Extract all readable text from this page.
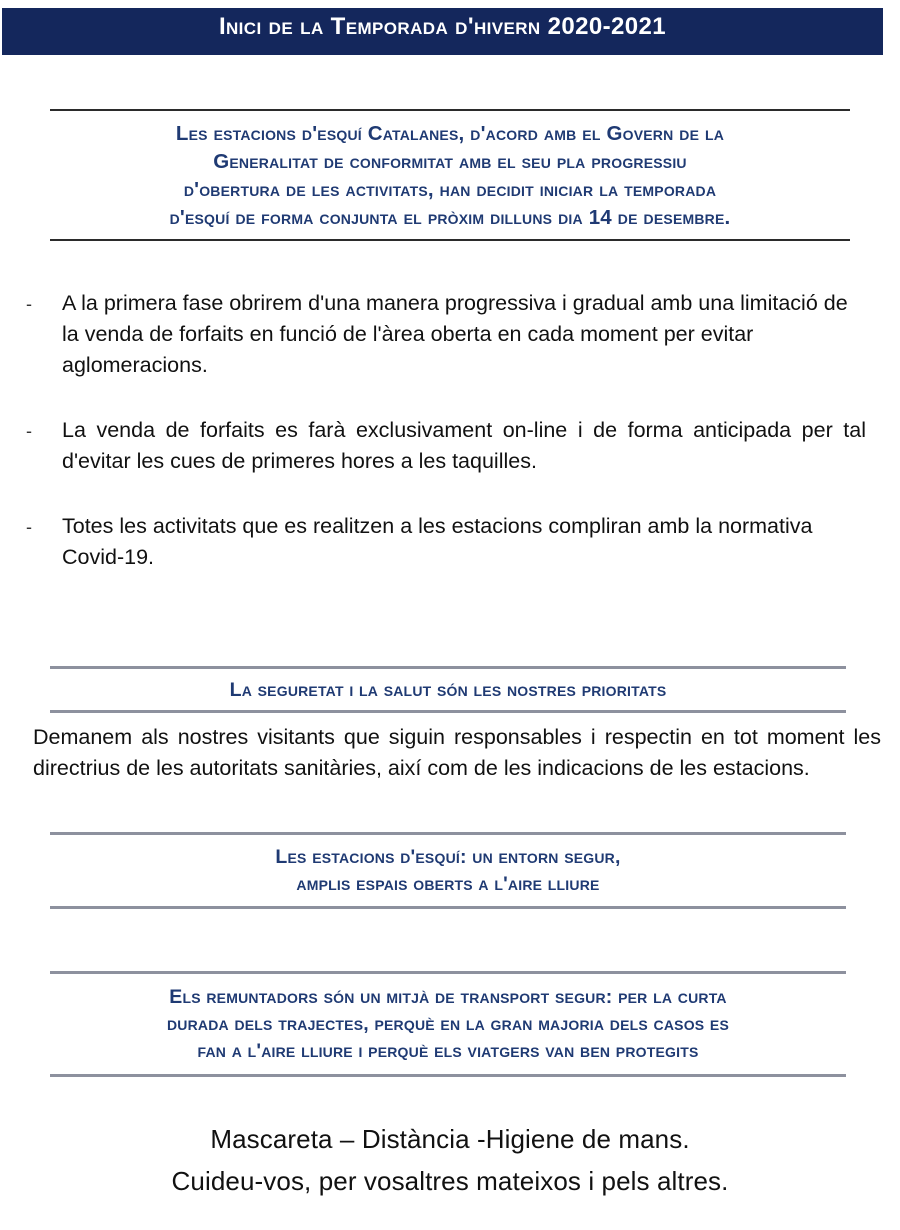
Inici de la Temporada d'hivern 2020-2021
Les estacions d'esquí Catalanes, d'acord amb el Govern de la
Generalitat de conformitat amb el seu pla progressiu
d'obertura de les activitats, han decidit iniciar la temporada
d'esquí de forma conjunta el pròxim dilluns dia 14 de desembre.
-	A la primera fase obrirem d'una manera progressiva i gradual amb una limitació de la venda de forfaits en funció de l'àrea oberta en cada moment per evitar aglomeracions.
-	La venda de forfaits es farà exclusivament on-line i de forma anticipada per tal d'evitar les cues de primeres hores a les taquilles.
-	Totes les activitats que es realitzen a les estacions compliran amb la normativa Covid-19.
La seguretat i la salut són les nostres prioritats
Demanem als nostres visitants que siguin responsables i respectin en tot moment les directrius de les autoritats sanitàries, així com de les indicacions de les estacions.
Les estacions d'esquí: un entorn segur,
amplis espais oberts a l'aire lliure
Els remuntadors són un mitjà de transport segur: per la curta
durada dels trajectes, perquè en la gran majoria dels casos es
fan a l'aire lliure i perquè els viatgers van ben protegits
Mascareta – Distància -Higiene de mans.
Cuideu-vos, per vosaltres mateixos i pels altres.
